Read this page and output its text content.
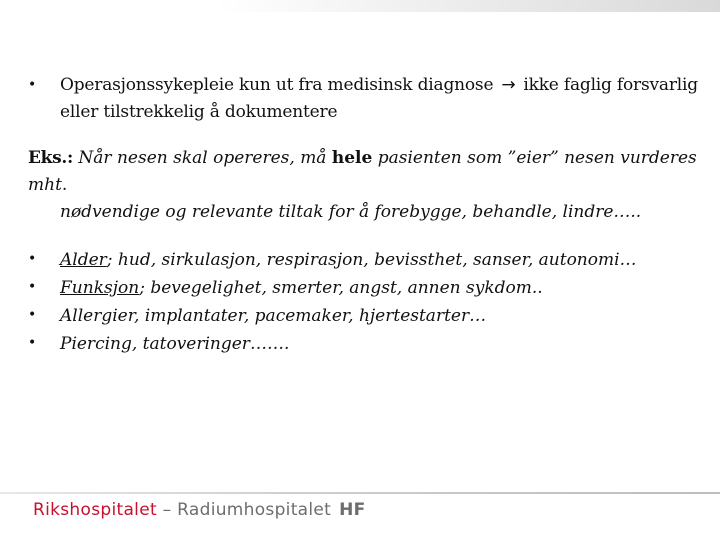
•	Operasjonssykepleie kun ut fra medisinsk diagnose → ikke faglig forsvarlig
eller tilstrekkelig å dokumentere
Eks.: Når nesen skal opereres, må hele pasienten som ”eier” nesen vurderes mht.
nødvendige og relevante tiltak for å forebygge, behandle, lindre…..
•	Alder; hud, sirkulasjon, respirasjon, bevissthet, sanser, autonomi…
•	Funksjon; bevegelighet, smerter, angst, annen sykdom..
•	Allergier, implantater, pacemaker, hjertestarter…
•	Piercing, tatoveringer…….
Rikshospitalet – Radiumhospitalet HF
